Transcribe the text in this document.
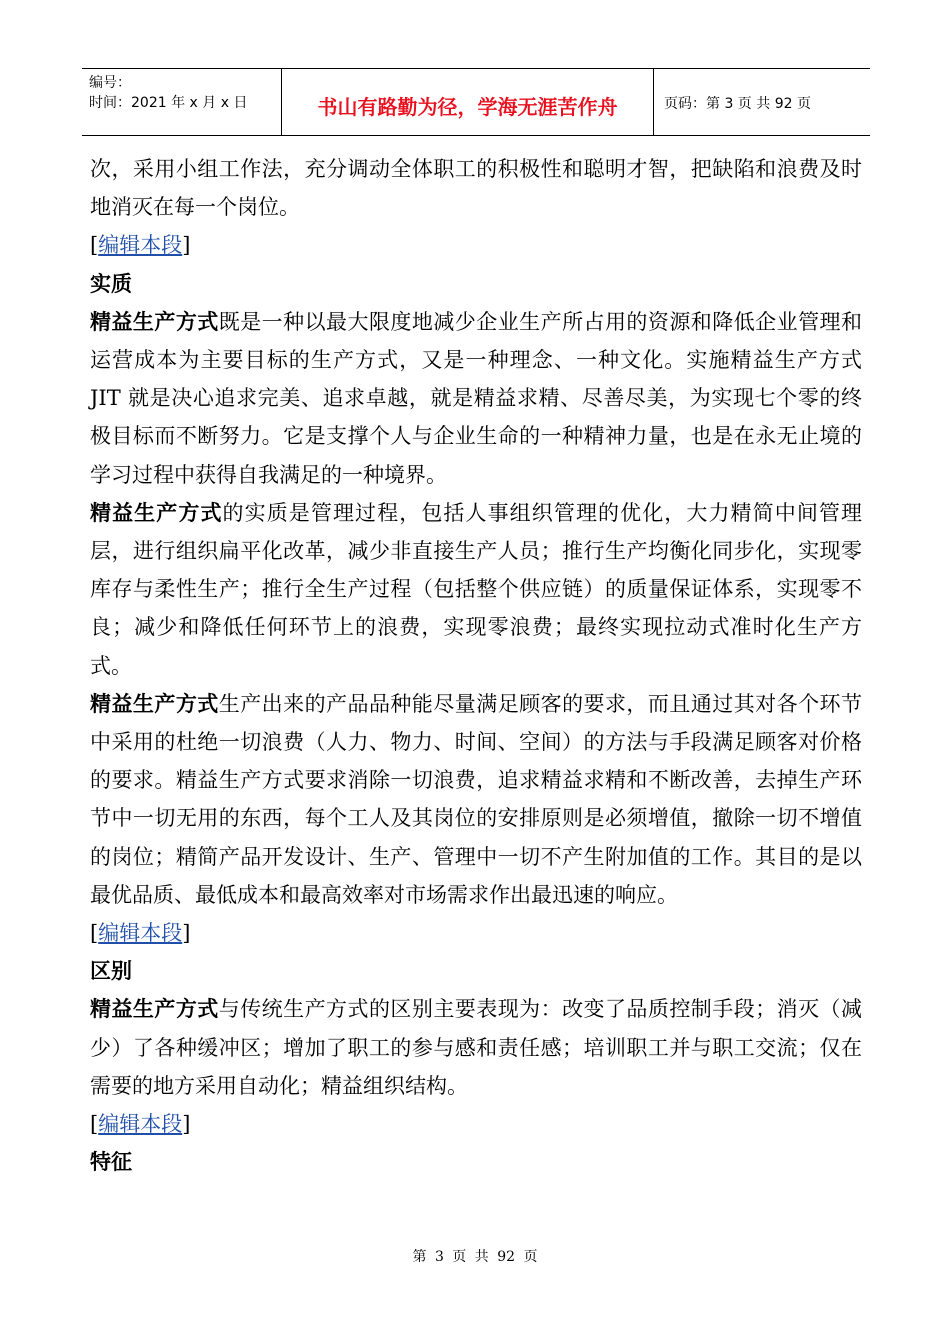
编号：
时间：2021 年 x 月 x 日	书山有路勤为径，学海无涯苦作舟	页码：第 3 页 共 92 页

次，采用小组工作法，充分调动全体职工的积极性和聪明才智，把缺陷和浪费及时地消灭在每一个岗位。

[编辑本段]

实质

精益生产方式既是一种以最大限度地减少企业生产所占用的资源和降低企业管理和运营成本为主要目标的生产方式，又是一种理念、一种文化。实施精益生产方式 JIT 就是决心追求完美、追求卓越，就是精益求精、尽善尽美，为实现七个零的终极目标而不断努力。它是支撑个人与企业生命的一种精神力量，也是在永无止境的学习过程中获得自我满足的一种境界。

精益生产方式的实质是管理过程，包括人事组织管理的优化，大力精简中间管理层，进行组织扁平化改革，减少非直接生产人员；推行生产均衡化同步化，实现零库存与柔性生产；推行全生产过程（包括整个供应链）的质量保证体系，实现零不良；减少和降低任何环节上的浪费，实现零浪费；最终实现拉动式准时化生产方式。

精益生产方式生产出来的产品品种能尽量满足顾客的要求，而且通过其对各个环节中采用的杜绝一切浪费（人力、物力、时间、空间）的方法与手段满足顾客对价格的要求。精益生产方式要求消除一切浪费，追求精益求精和不断改善，去掉生产环节中一切无用的东西，每个工人及其岗位的安排原则是必须增值，撤除一切不增值的岗位；精简产品开发设计、生产、管理中一切不产生附加值的工作。其目的是以最优品质、最低成本和最高效率对市场需求作出最迅速的响应。

[编辑本段]

区别

精益生产方式与传统生产方式的区别主要表现为：改变了品质控制手段；消灭（减少）了各种缓冲区；增加了职工的参与感和责任感；培训职工并与职工交流；仅在需要的地方采用自动化；精益组织结构。

[编辑本段]

特征

第 3 页 共 92 页
